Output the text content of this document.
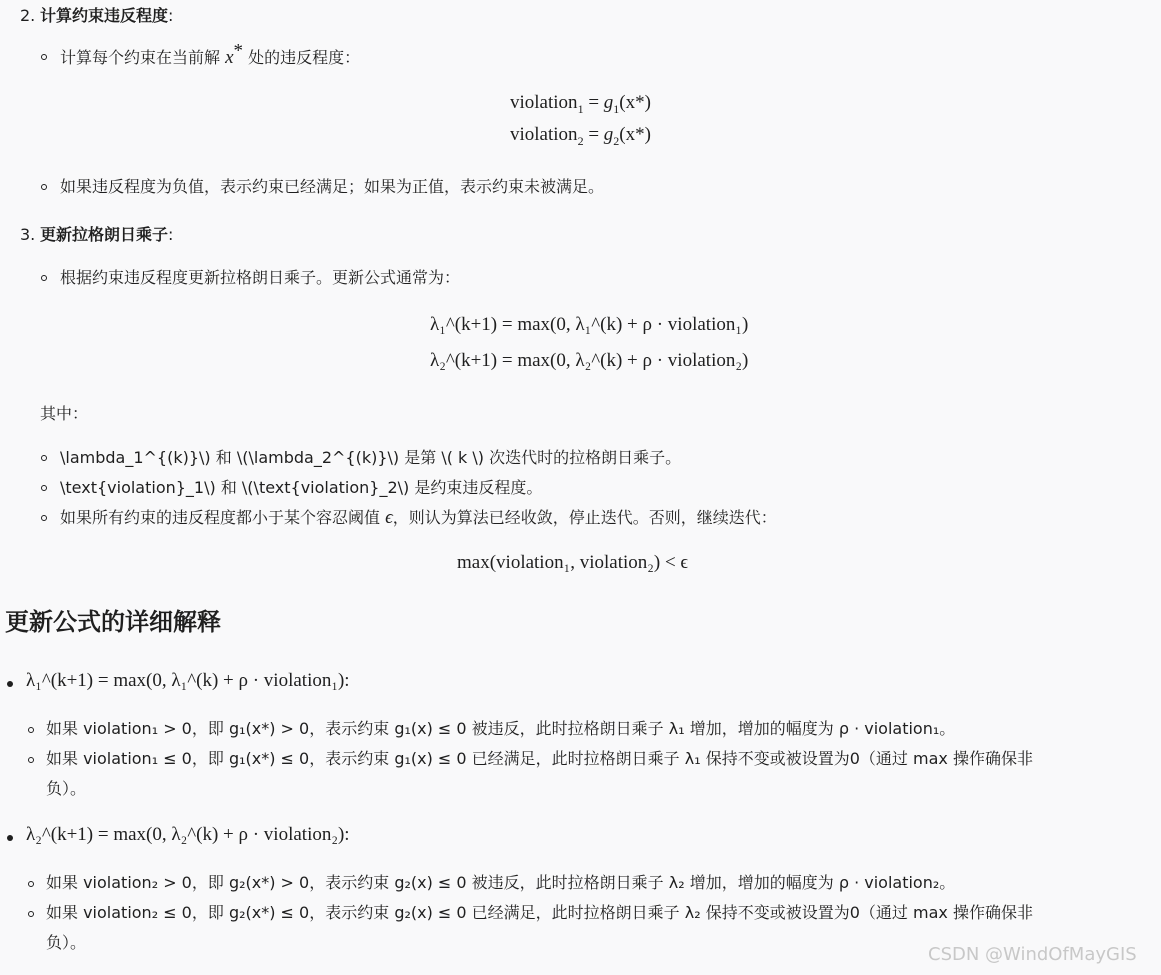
2. 计算约束违反程度:
计算每个约束在当前解 x* 处的违反程度：
violation$_1$ = $g_1(x*)$
violation$_2$ = $g_2(x*)$
如果违反程度为负值，表示约束已经满足；如果为正值，表示约束未被满足。
3. 更新拉格朗日乘子:
根据约束违反程度更新拉格朗日乘子。更新公式通常为：
λ₁^(k+1) = max(0, λ₁^(k) + ρ · violation₁)
λ₂^(k+1) = max(0, λ₂^(k) + ρ · violation₂)
其中：
\lambda_1^{(k)}\) 和 \(\lambda_2^{(k)}\) 是第 \( k \) 次迭代时的拉格朗日乘子。
\text{violation}_1\) 和 \(\text{violation}_2\) 是约束违反程度。
如果所有约束的违反程度都小于某个容忍阈值 ϵ，则认为算法已经收敛，停止迭代。否则，继续迭代：
max(violation₁, violation₂) < ϵ
更新公式的详细解释
λ₁^(k+1) = max(0, λ₁^(k) + ρ · violation₁):
如果 violation₁ > 0，即 g₁(x*) > 0，表示约束 g₁(x) ≤ 0 被违反，此时拉格朗日乘子 λ₁ 增加，增加的幅度为 ρ · violation₁。
如果 violation₁ ≤ 0，即 g₁(x*) ≤ 0，表示约束 g₁(x) ≤ 0 已经满足，此时拉格朗日乘子 λ₁ 保持不变或被设置为0（通过 max 操作确保非
负）。
λ₂^(k+1) = max(0, λ₂^(k) + ρ · violation₂):
如果 violation₂ > 0，即 g₂(x*) > 0，表示约束 g₂(x) ≤ 0 被违反，此时拉格朗日乘子 λ₂ 增加，增加的幅度为 ρ · violation₂。
如果 violation₂ ≤ 0，即 g₂(x*) ≤ 0，表示约束 g₂(x) ≤ 0 已经满足，此时拉格朗日乘子 λ₂ 保持不变或被设置为0（通过 max 操作确保非
负）。
CSDN @WindOfMayGIS
